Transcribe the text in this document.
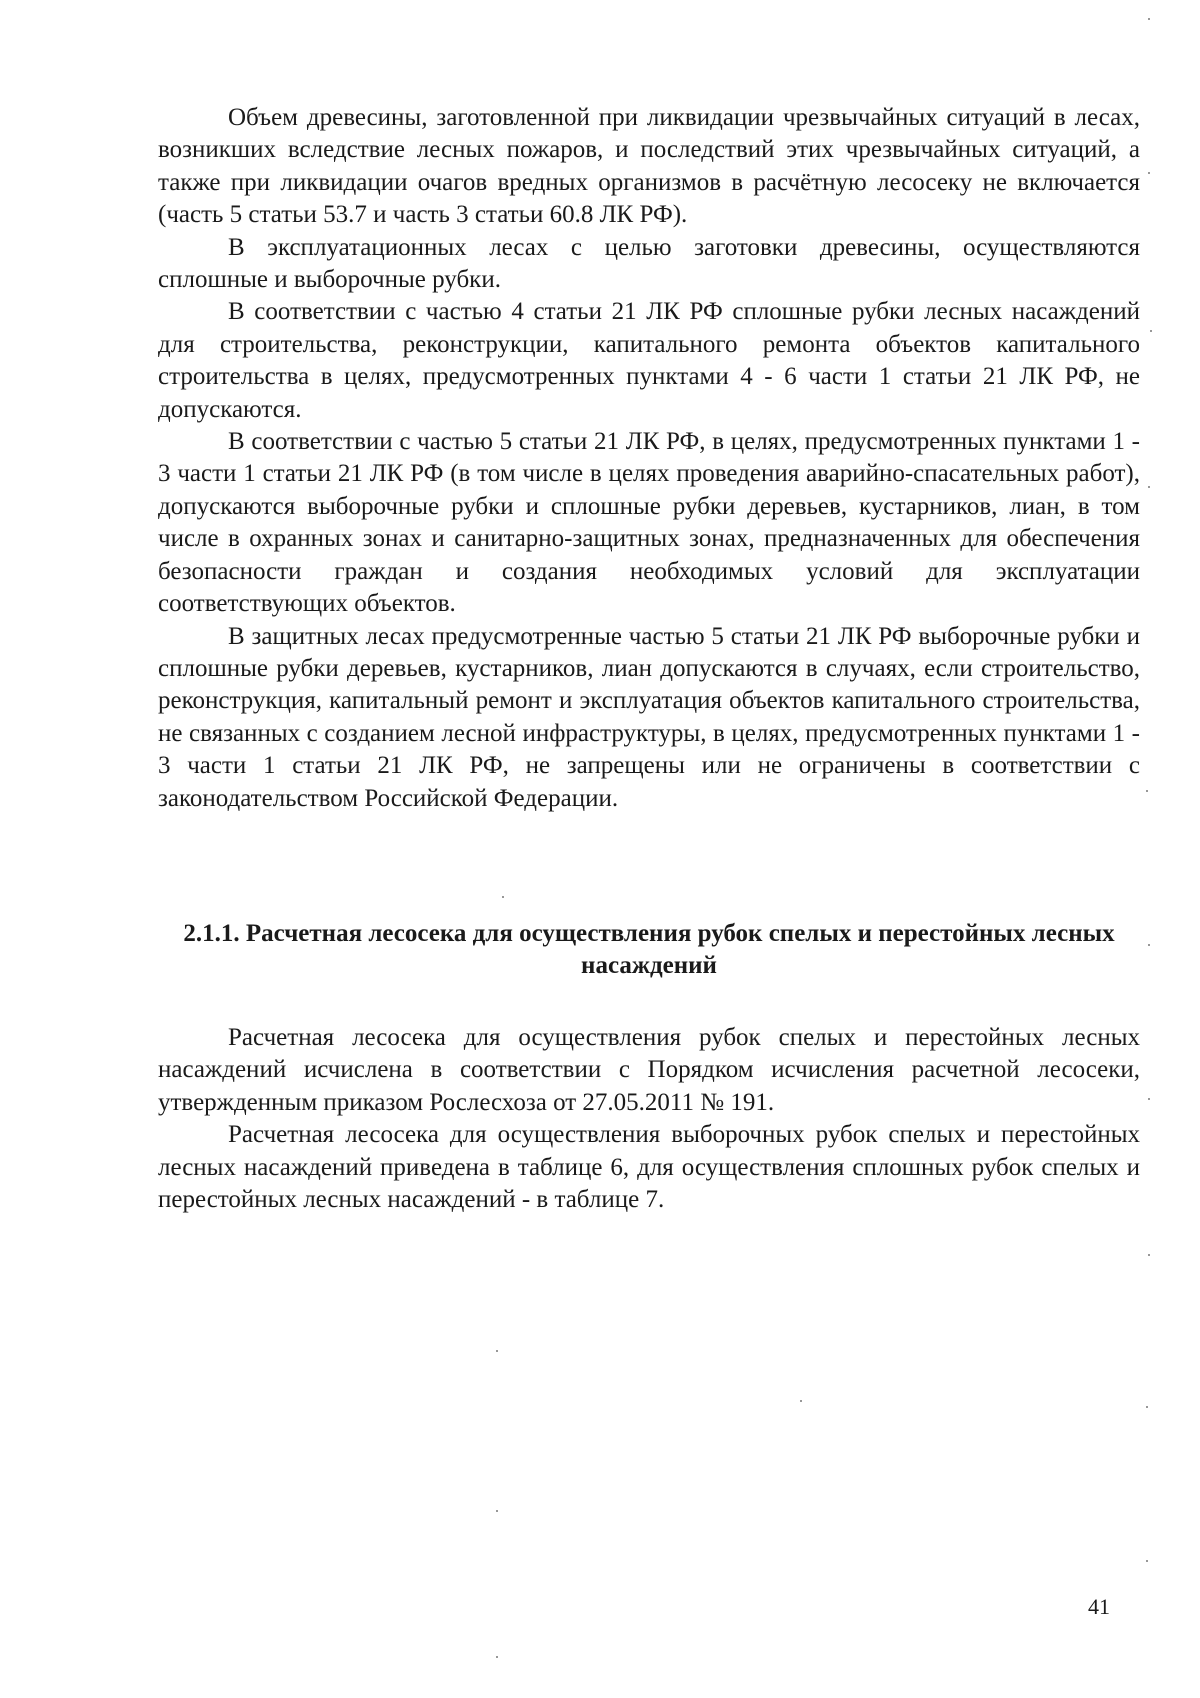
Объем древесины, заготовленной при ликвидации чрезвычайных ситуаций в лесах, возникших вследствие лесных пожаров, и последствий этих чрезвычайных ситуаций, а также при ликвидации очагов вредных организмов в расчётную лесосеку не включается (часть 5 статьи 53.7 и часть 3 статьи 60.8 ЛК РФ).

В эксплуатационных лесах с целью заготовки древесины, осуществляются сплошные и выборочные рубки.

В соответствии с частью 4 статьи 21 ЛК РФ сплошные рубки лесных насаждений для строительства, реконструкции, капитального ремонта объектов капитального строительства в целях, предусмотренных пунктами 4 - 6 части 1 статьи 21 ЛК РФ, не допускаются.

В соответствии с частью 5 статьи 21 ЛК РФ, в целях, предусмотренных пунктами 1 - 3 части 1 статьи 21 ЛК РФ (в том числе в целях проведения аварийно-спасательных работ), допускаются выборочные рубки и сплошные рубки деревьев, кустарников, лиан, в том числе в охранных зонах и санитарно-защитных зонах, предназначенных для обеспечения безопасности граждан и создания необходимых условий для эксплуатации соответствующих объектов.

В защитных лесах предусмотренные частью 5 статьи 21 ЛК РФ выборочные рубки и сплошные рубки деревьев, кустарников, лиан допускаются в случаях, если строительство, реконструкция, капитальный ремонт и эксплуатация объектов капитального строительства, не связанных с созданием лесной инфраструктуры, в целях, предусмотренных пунктами 1 - 3 части 1 статьи 21 ЛК РФ, не запрещены или не ограничены в соответствии с законодательством Российской Федерации.

2.1.1. Расчетная лесосека для осуществления рубок спелых и перестойных лесных насаждений

Расчетная лесосека для осуществления рубок спелых и перестойных лесных насаждений исчислена в соответствии с Порядком исчисления расчетной лесосеки, утвержденным приказом Рослесхоза от 27.05.2011 № 191.

Расчетная лесосека для осуществления выборочных рубок спелых и перестойных лесных насаждений приведена в таблице 6, для осуществления сплошных рубок спелых и перестойных лесных насаждений - в таблице 7.

41
